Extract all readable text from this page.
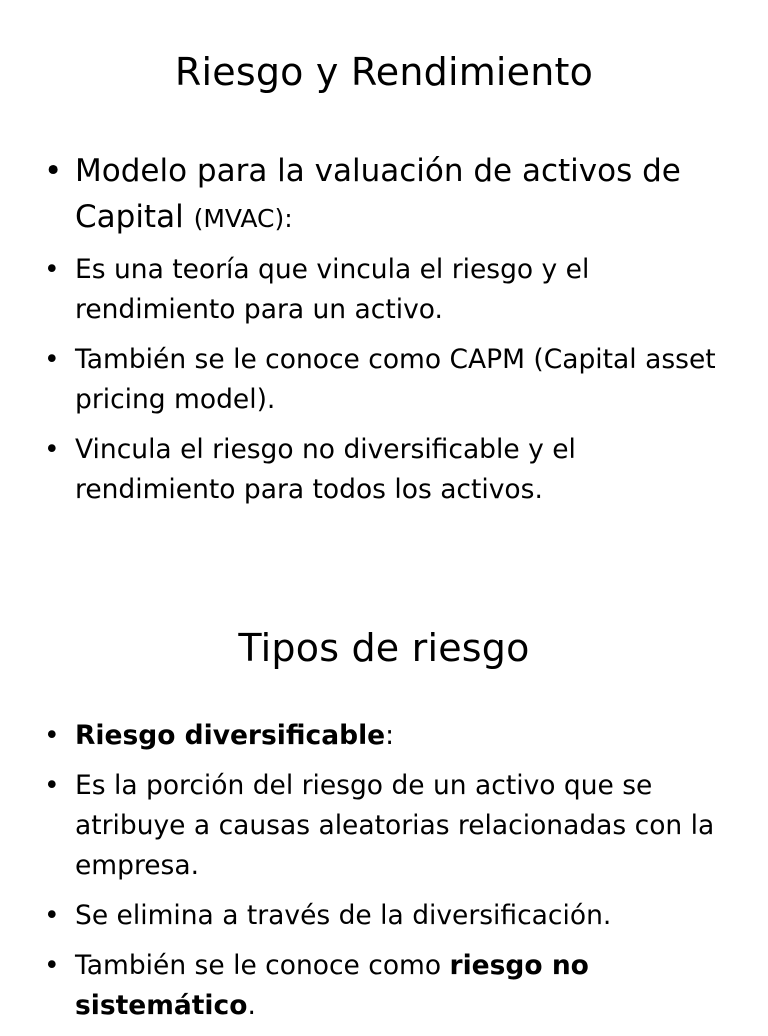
Riesgo y Rendimiento
• Modelo para la valuación de activos de Capital (MVAC):
• Es una teoría que vincula el riesgo y el rendimiento para un activo.
• También se le conoce como CAPM (Capital asset pricing model).
• Vincula el riesgo no diversificable y el rendimiento para todos los activos.
Tipos de riesgo
• Riesgo diversificable:
• Es la porción del riesgo de un activo que se atribuye a causas aleatorias relacionadas con la empresa.
• Se elimina a través de la diversificación.
• También se le conoce como riesgo no sistemático.
